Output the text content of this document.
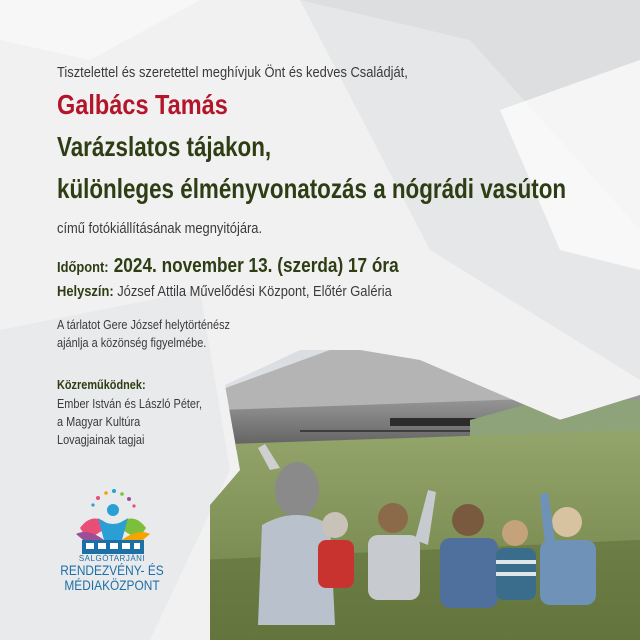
Tisztelettel és szeretettel meghívjuk Önt és kedves Családját,

Galbács Tamás

Varázslatos tájakon,

különleges élményvonatozás a nógrádi vasúton

című fotókiállításának megnyitójára.

Időpont: 2024. november 13. (szerda) 17 óra

Helyszín: József Attila Művelődési Központ, Előtér Galéria

A tárlatot Gere József helytörténész
ajánlja a közönség figyelmébe.
Közreműködnek:
Ember István és László Péter,
a Magyar Kultúra
Lovagjainak tagjai
SALGÓTARJÁNI
RENDEZVÉNY- ÉS
MÉDIAKÖZPONT
